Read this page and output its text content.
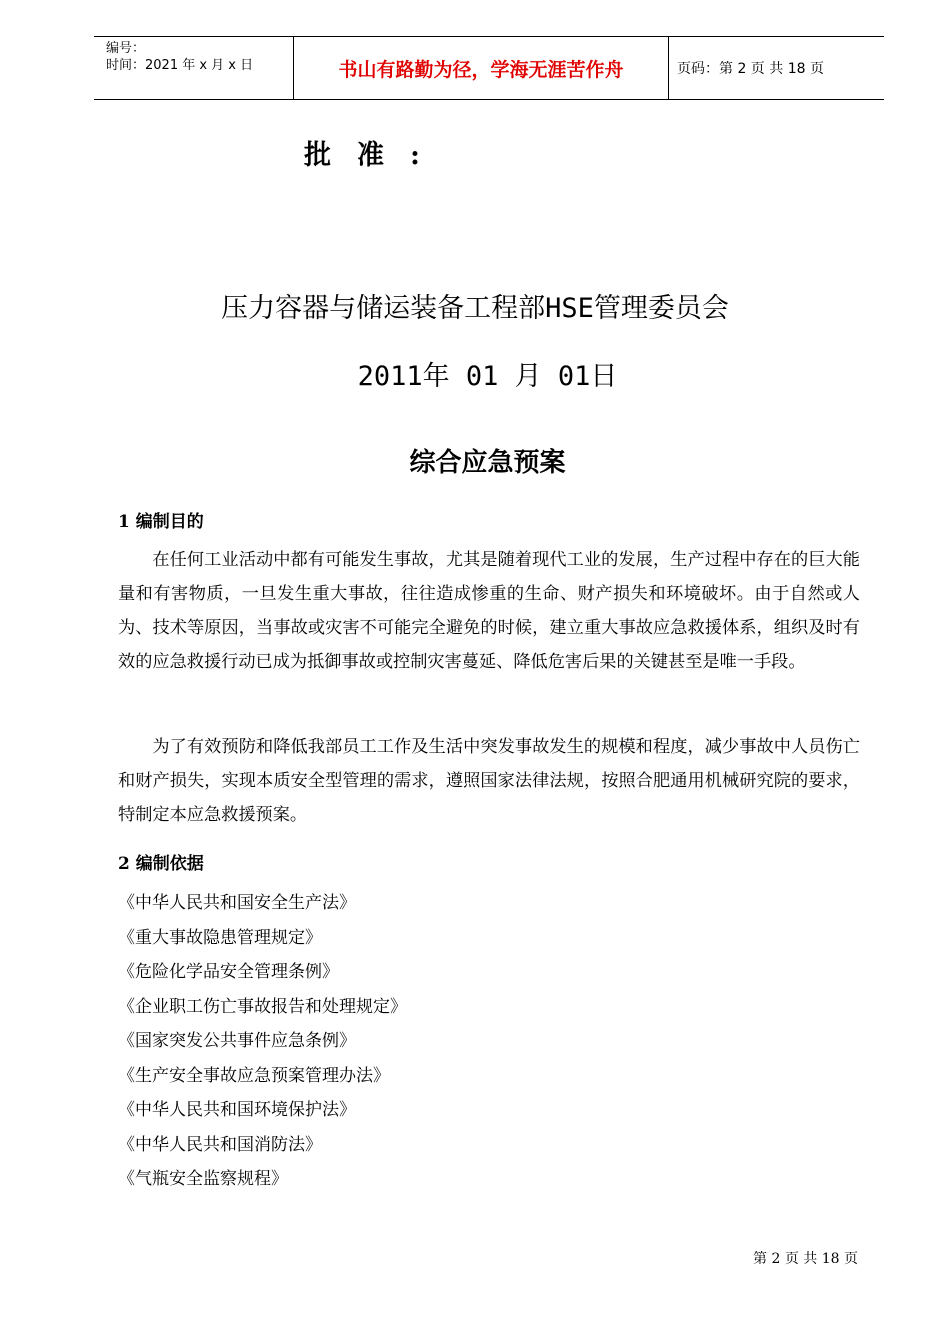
编号：
时间：2021 年 x 月 x 日	书山有路勤为径，学海无涯苦作舟	页码：第 2 页 共 18 页
批准:
压力容器与储运装备工程部HSE管理委员会
2011年 01 月 01日
综合应急预案
1 编制目的

在任何工业活动中都有可能发生事故，尤其是随着现代工业的发展，生产过程中存在的巨大能量和有害物质，一旦发生重大事故，往往造成惨重的生命、财产损失和环境破坏。由于自然或人为、技术等原因，当事故或灾害不可能完全避免的时候，建立重大事故应急救援体系，组织及时有效的应急救援行动已成为抵御事故或控制灾害蔓延、降低危害后果的关键甚至是唯一手段。

为了有效预防和降低我部员工工作及生活中突发事故发生的规模和程度，减少事故中人员伤亡和财产损失，实现本质安全型管理的需求，遵照国家法律法规，按照合肥通用机械研究院的要求，特制定本应急救援预案。

2 编制依据
《中华人民共和国安全生产法》
《重大事故隐患管理规定》
《危险化学品安全管理条例》
《企业职工伤亡事故报告和处理规定》
《国家突发公共事件应急条例》
《生产安全事故应急预案管理办法》
《中华人民共和国环境保护法》
《中华人民共和国消防法》
《气瓶安全监察规程》
第 2 页 共 18 页
